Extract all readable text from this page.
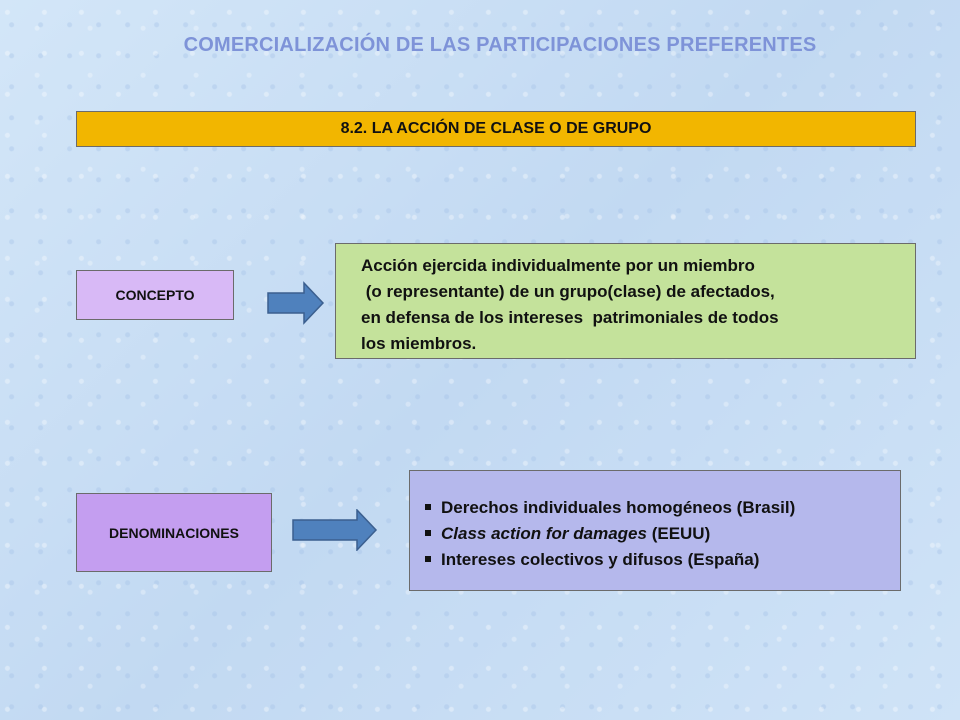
COMERCIALIZACIÓN DE LAS PARTICIPACIONES PREFERENTES
8.2. LA ACCIÓN DE CLASE O DE GRUPO
CONCEPTO
Acción ejercida individualmente por un miembro
(o representante) de un grupo(clase) de afectados,
en defensa de los intereses  patrimoniales de todos
los miembros.
DENOMINACIONES
Derechos individuales homogéneos (Brasil)
Class action for damages (EEUU)
Intereses colectivos y difusos (España)
